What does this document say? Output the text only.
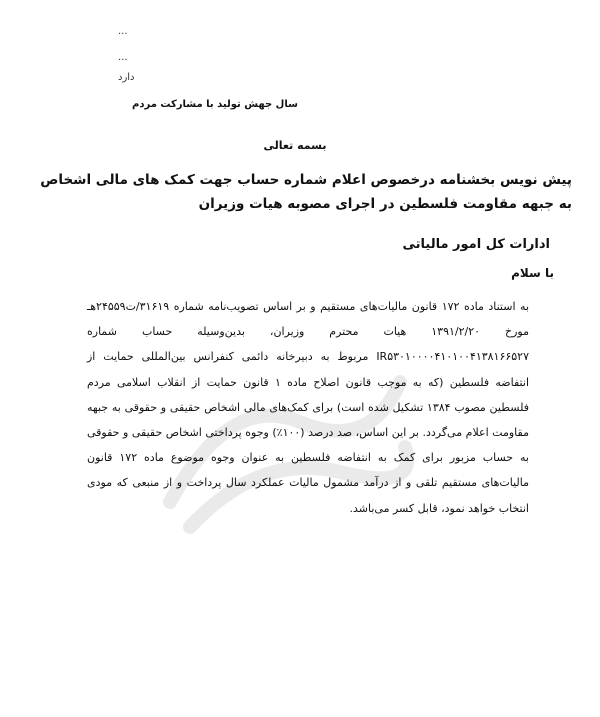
...
...
دارد
سال جهش تولید با مشارکت مردم
بسمه تعالی
پیش نویس بخشنامه درخصوص اعلام شماره حساب جهت کمک های مالی اشخاص به جبهه مقاومت فلسطین در اجرای مصوبه هیات وزیران
ادارات کل امور مالیاتی
با سلام

به استناد ماده ۱۷۲ قانون مالیات‌های مستقیم و بر اساس تصویب‌نامه شماره ۳۱۶۱۹/ت۲۴۵۵۹هـ مورخ ۱۳۹۱/۲/۲۰ هیات محترم وزیران، بدین‌وسیله حساب شماره IR۵۳۰۱۰۰۰۰۴۱۰۱۰۰۴۱۳۸۱۶۶۵۲۷ مربوط به دبیرخانه دائمی کنفرانس بین‌المللی حمایت از انتفاضه فلسطین (که به موجب قانون اصلاح ماده ۱ قانون حمایت از انقلاب اسلامی مردم فلسطین مصوب ۱۳۸۴ تشکیل شده است) برای کمک‌های مالی اشخاص حقیقی و حقوقی به جبهه مقاومت اعلام می‌گردد. بر این اساس، صد درصد (۱۰۰٪) وجوه پرداختی اشخاص حقیقی و حقوقی به حساب مزبور برای کمک به انتفاضه فلسطین به عنوان وجوه موضوع ماده ۱۷۲ قانون مالیات‌های مستقیم تلقی و از درآمد مشمول مالیات عملکرد سال پرداخت و از منبعی که مودی انتخاب خواهد نمود، قابل کسر می‌باشد.
